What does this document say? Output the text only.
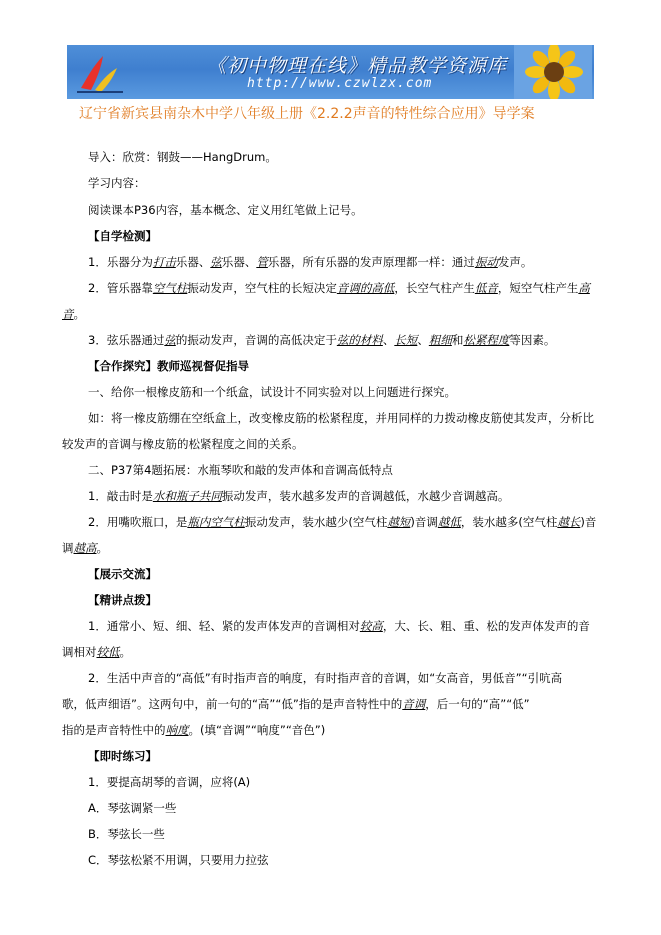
《初中物理在线》精品教学资源库
http://www.czwlzx.com
辽宁省新宾县南杂木中学八年级上册《2.2.2声音的特性综合应用》导学案
导入：欣赏：钢鼓——HangDrum。
学习内容：
阅读课本P36内容，基本概念、定义用红笔做上记号。
【自学检测】
1．乐器分为打击乐器、弦乐器、管乐器，所有乐器的发声原理都一样：通过振动发声。
2．管乐器靠空气柱振动发声，空气柱的长短决定音调的高低，长空气柱产生低音，短空气柱产生高
音。
3．弦乐器通过弦的振动发声，音调的高低决定于弦的材料、长短、粗细和松紧程度等因素。
【合作探究】教师巡视督促指导
一、给你一根橡皮筋和一个纸盒，试设计不同实验对以上问题进行探究。
如：将一橡皮筋绷在空纸盒上，改变橡皮筋的松紧程度，并用同样的力拨动橡皮筋使其发声，分析比
较发声的音调与橡皮筋的松紧程度之间的关系。
二、P37第4题拓展：水瓶琴吹和敲的发声体和音调高低特点
1．敲击时是水和瓶子共同振动发声，装水越多发声的音调越低，水越少音调越高。
2．用嘴吹瓶口，是瓶内空气柱振动发声，装水越少(空气柱越短)音调越低，装水越多(空气柱越长)音
调越高。
【展示交流】
【精讲点拨】
1．通常小、短、细、轻、紧的发声体发声的音调相对较高，大、长、粗、重、松的发声体发声的音
调相对较低。
2．生活中声音的“高低”有时指声音的响度，有时指声音的音调，如“女高音，男低音”“引吭高
歌，低声细语”。这两句中，前一句的“高”“低”指的是声音特性中的音调，后一句的“高”“低”
指的是声音特性中的响度。(填“音调”“响度”“音色”)
【即时练习】
1．要提高胡琴的音调，应将(A)
A．琴弦调紧一些
B．琴弦长一些
C．琴弦松紧不用调，只要用力拉弦
